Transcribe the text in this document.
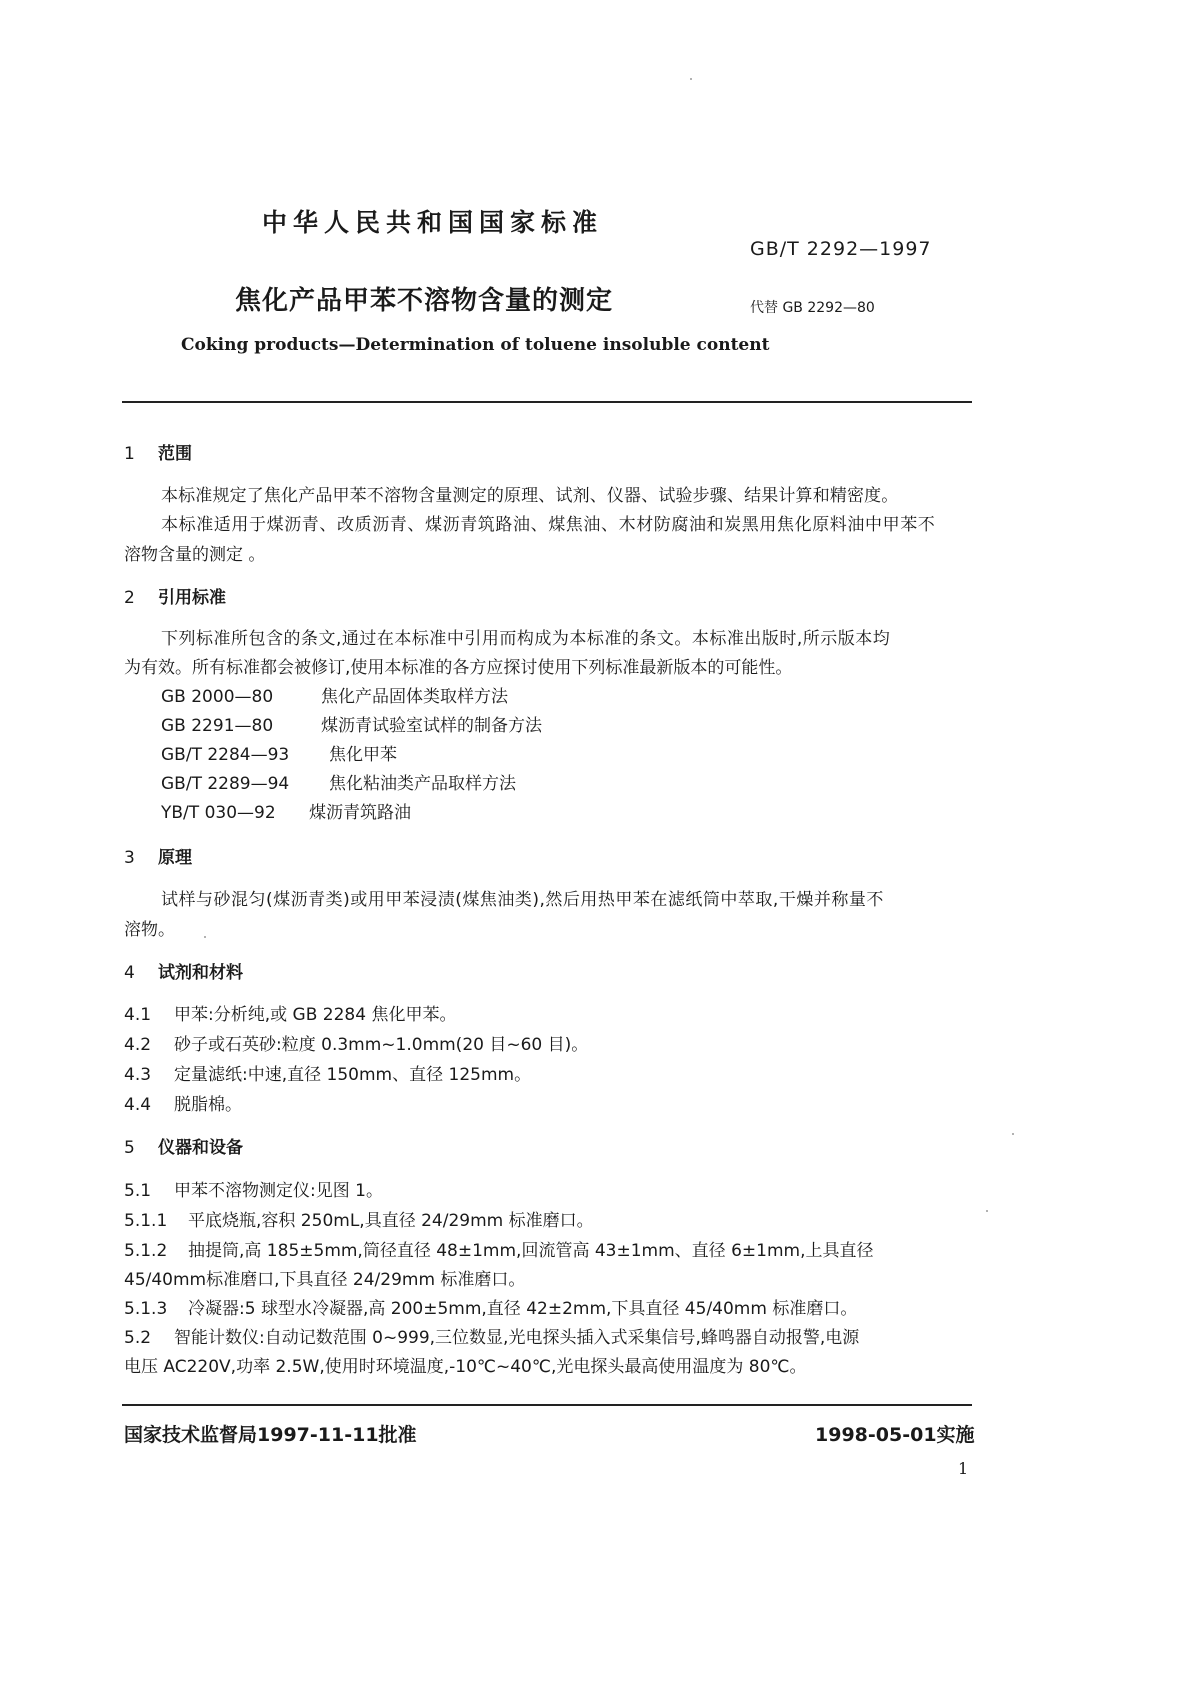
中华人民共和国国家标准
GB/T 2292—1997
焦化产品甲苯不溶物含量的测定	代替 GB 2292—80
Coking products—Determination of toluene insoluble content
1 范围
本标准规定了焦化产品甲苯不溶物含量测定的原理、试剂、仪器、试验步骤、结果计算和精密度。
本标准适用于煤沥青、改质沥青、煤沥青筑路油、煤焦油、木材防腐油和炭黑用焦化原料油中甲苯不
溶物含量的测定 。
2 引用标准
下列标准所包含的条文,通过在本标准中引用而构成为本标准的条文。本标准出版时,所示版本均
为有效。所有标准都会被修订,使用本标准的各方应探讨使用下列标准最新版本的可能性。
GB 2000—80	焦化产品固体类取样方法
GB 2291—80	煤沥青试验室试样的制备方法
GB/T 2284—93 焦化甲苯
GB/T 2289—94 焦化粘油类产品取样方法
YB/T 030—92 煤沥青筑路油
3 原理
试样与砂混匀(煤沥青类)或用甲苯浸渍(煤焦油类),然后用热甲苯在滤纸筒中萃取,干燥并称量不
溶物。
4 试剂和材料
4.1 甲苯:分析纯,或 GB 2284 焦化甲苯。
4.2 砂子或石英砂:粒度 0.3mm~1.0mm(20 目~60 目)。
4.3 定量滤纸:中速,直径 150mm、直径 125mm。
4.4 脱脂棉。
5 仪器和设备
5.1 甲苯不溶物测定仪:见图 1。
5.1.1 平底烧瓶,容积 250mL,具直径 24/29mm 标准磨口。
5.1.2 抽提筒,高 185±5mm,筒径直径 48±1mm,回流管高 43±1mm、直径 6±1mm,上具直径
45/40mm标准磨口,下具直径 24/29mm 标准磨口。
5.1.3 冷凝器:5 球型水冷凝器,高 200±5mm,直径 42±2mm,下具直径 45/40mm 标准磨口。
5.2 智能计数仪:自动记数范围 0~999,三位数显,光电探头插入式采集信号,蜂鸣器自动报警,电源
电压 AC220V,功率 2.5W,使用时环境温度,-10℃~40℃,光电探头最高使用温度为 80℃。
国家技术监督局1997-11-11批准	1998-05-01实施
1
